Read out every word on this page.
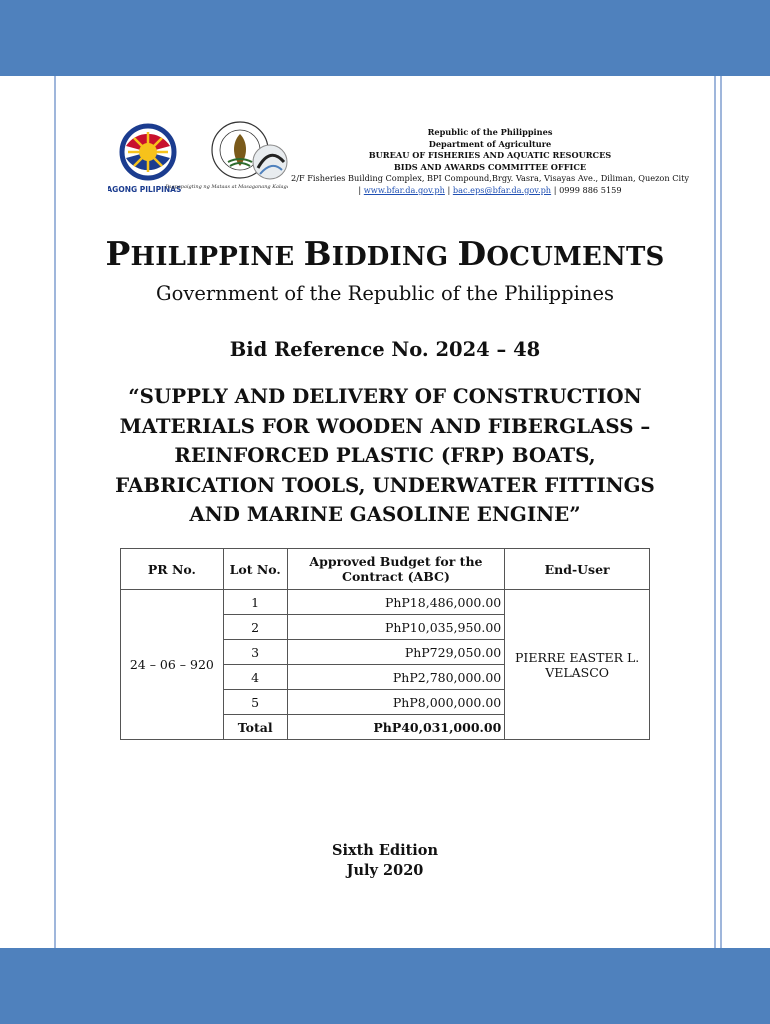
BAGONG PILIPINAS
Pagpapaigting ng Mataas at Masaganang Kalagayan
Republic of the Philippines
Department of Agriculture
BUREAU OF FISHERIES AND AQUATIC RESOURCES
BIDS AND AWARDS COMMITTEE OFFICE
2/F Fisheries Building Complex, BPI Compound,Brgy. Vasra, Visayas Ave., Diliman, Quezon City
| www.bfar.da.gov.ph | bac.eps@bfar.da.gov.ph | 0999 886 5159
PHILIPPINE BIDDING DOCUMENTS
Government of the Republic of the Philippines
Bid Reference No. 2024 – 48
“SUPPLY AND DELIVERY OF CONSTRUCTION MATERIALS FOR WOODEN AND FIBERGLASS – REINFORCED PLASTIC (FRP) BOATS, FABRICATION TOOLS, UNDERWATER FITTINGS AND MARINE GASOLINE ENGINE”
PR No.	Lot No.	Approved Budget for the Contract (ABC)	End-User
24 – 06 – 920	1	PhP18,486,000.00	PIERRE EASTER L. VELASCO
	2	PhP10,035,950.00	
	3	PhP729,050.00	
	4	PhP2,780,000.00	
	5	PhP8,000,000.00	
	Total	PhP40,031,000.00	
Sixth Edition
July 2020
